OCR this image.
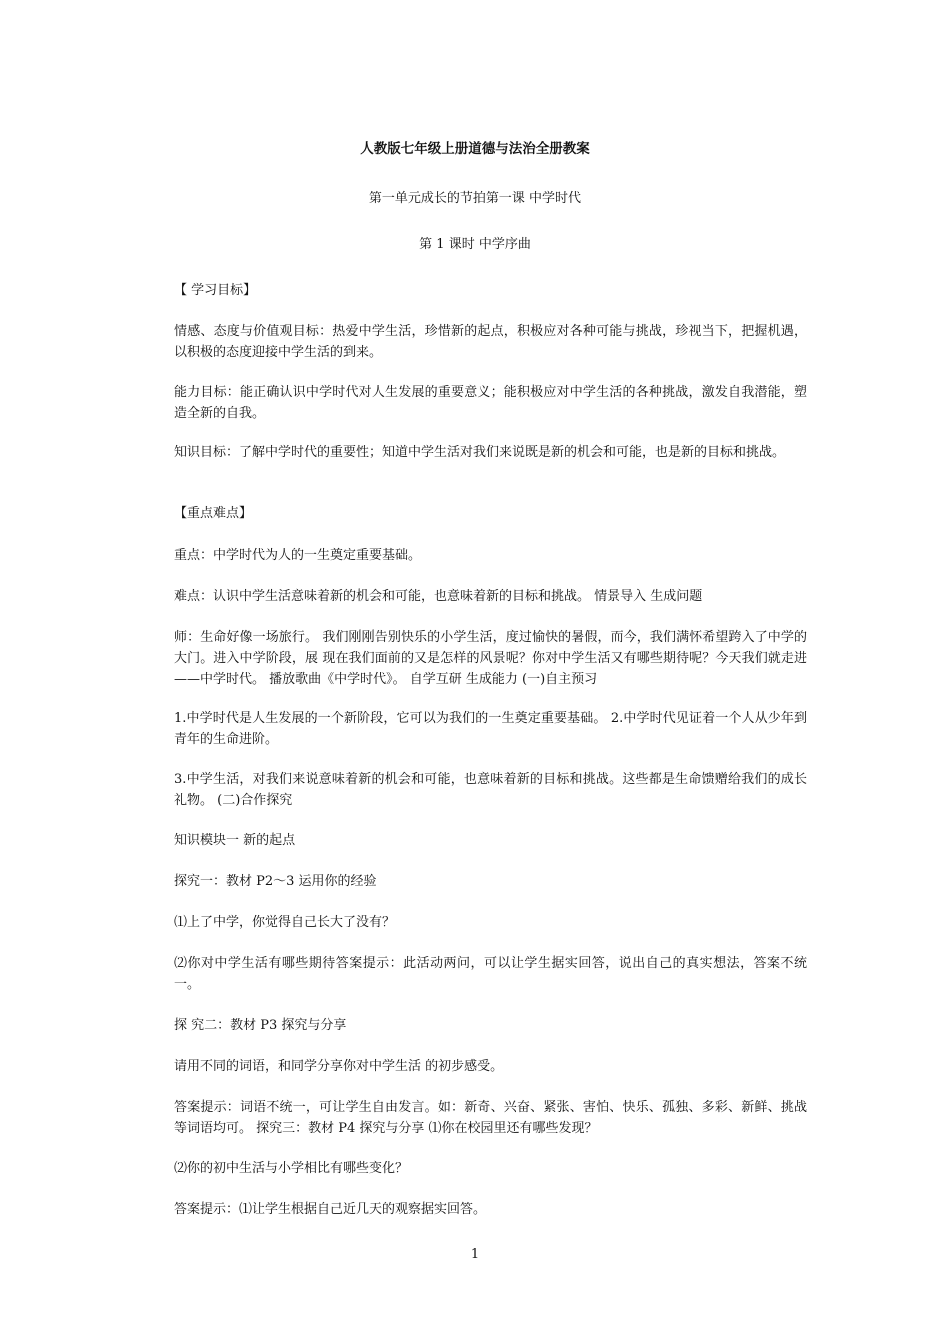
人教版七年级上册道德与法治全册教案
第一单元成长的节拍第一课 中学时代
第 1 课时 中学序曲
【 学习目标】
情感、态度与价值观目标：热爱中学生活，珍惜新的起点，积极应对各种可能与挑战，珍视当下，把握机遇，以积极的态度迎接中学生活的到来。
能力目标：能正确认识中学时代对人生发展的重要意义；能积极应对中学生活的各种挑战，激发自我潜能，塑造全新的自我。
知识目标：了解中学时代的重要性；知道中学生活对我们来说既是新的机会和可能，也是新的目标和挑战。
【重点难点】
重点：中学时代为人的一生奠定重要基础。
难点：认识中学生活意味着新的机会和可能，也意味着新的目标和挑战。 情景导入 生成问题
师：生命好像一场旅行。 我们刚刚告别快乐的小学生活，度过愉快的暑假，而今，我们满怀希望跨入了中学的大门。进入中学阶段，展 现在我们面前的又是怎样的风景呢？你对中学生活又有哪些期待呢？今天我们就走进——中学时代。 播放歌曲《中学时代》。 自学互研 生成能力 (一)自主预习
1.中学时代是人生发展的一个新阶段，它可以为我们的一生奠定重要基础。 2.中学时代见证着一个人从少年到青年的生命进阶。
3.中学生活，对我们来说意味着新的机会和可能，也意味着新的目标和挑战。这些都是生命馈赠给我们的成长礼物。 (二)合作探究
知识模块一 新的起点
探究一：教材 P2～3 运用你的经验
⑴上了中学，你觉得自己长大了没有？
⑵你对中学生活有哪些期待答案提示：此活动两问，可以让学生据实回答，说出自己的真实想法，答案不统一。
探 究二：教材 P3 探究与分享
请用不同的词语，和同学分享你对中学生活 的初步感受。
答案提示：词语不统一，可让学生自由发言。如：新奇、兴奋、紧张、害怕、快乐、孤独、多彩、新鲜、挑战等词语均可。 探究三：教材 P4 探究与分享 ⑴你在校园里还有哪些发现？
⑵你的初中生活与小学相比有哪些变化？
答案提示：⑴让学生根据自己近几天的观察据实回答。
1
